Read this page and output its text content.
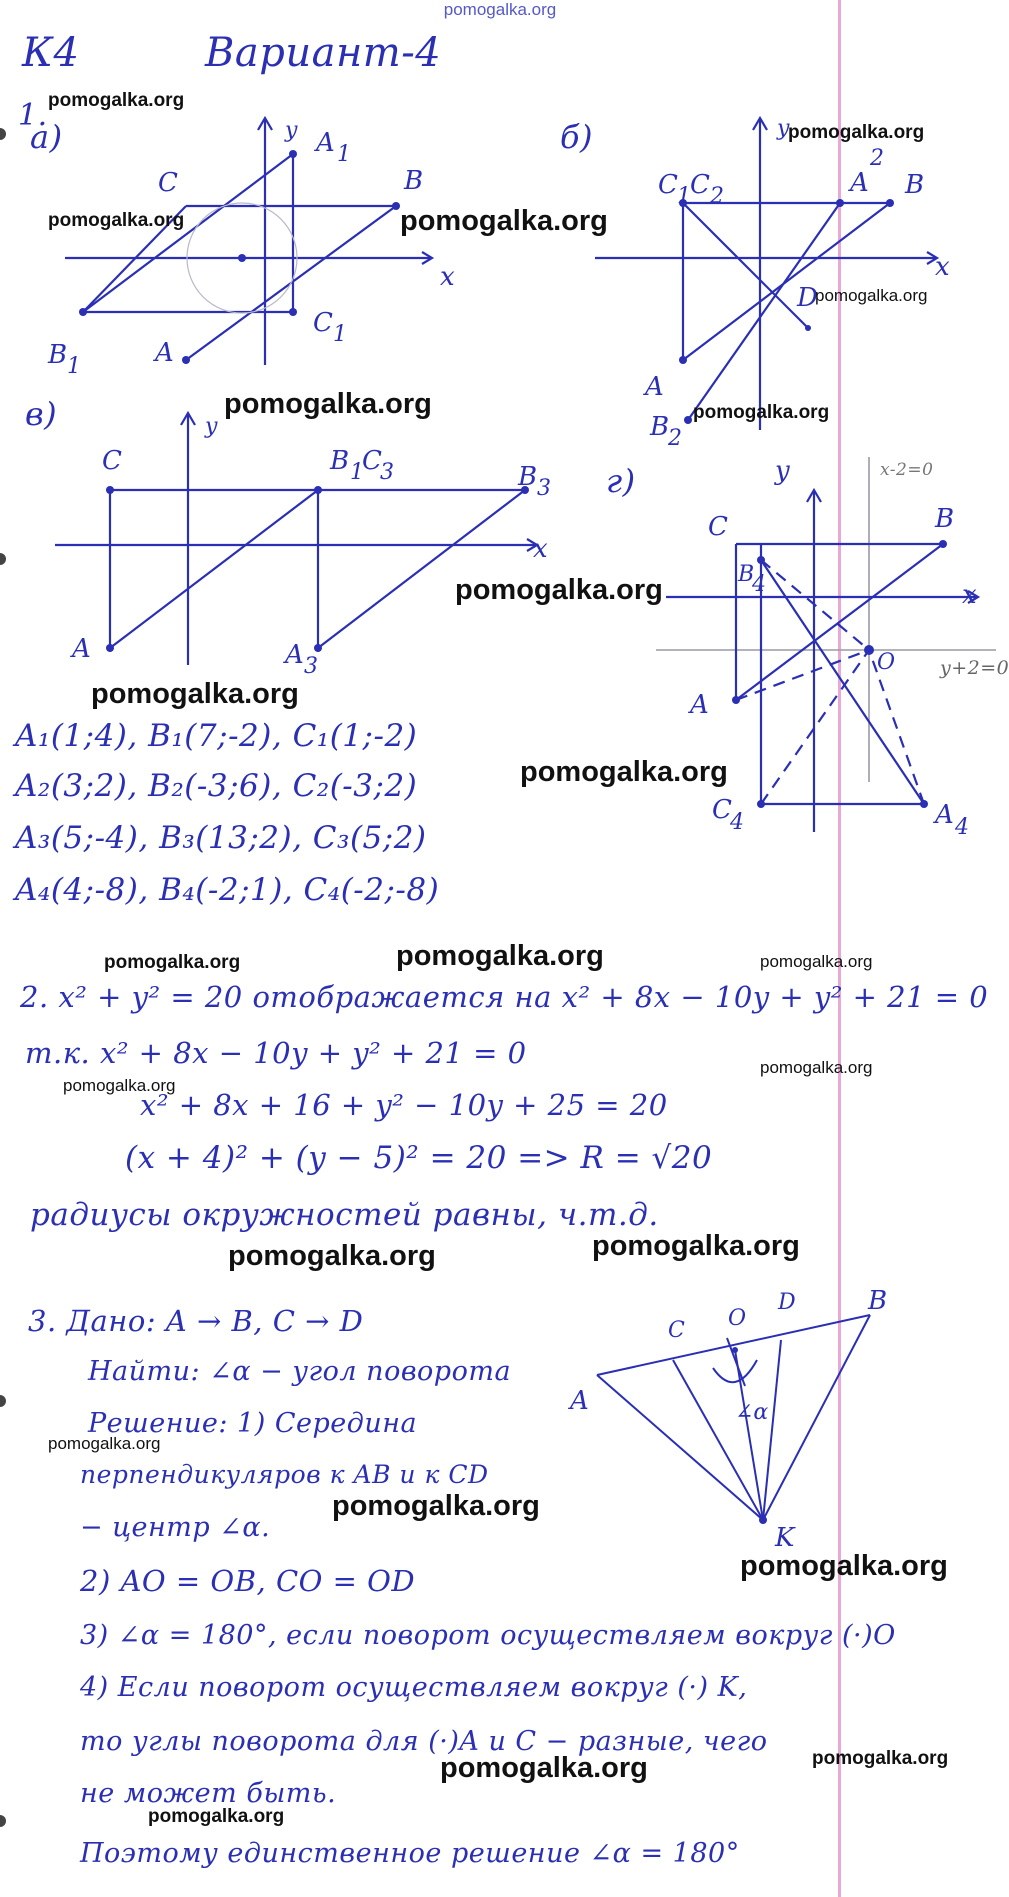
pomogalka.org
К4	Вариант-4
1.
а)	б)
в)
г)
y A 1
C	B
x
B 1	A
C 1
y
C 1 C 2	A
2
B
x
D
A
B
2
y
C	B 1
C
3	B 3
x
A	A 3
y	x-2=0
C	B
B
4	x
O y+2=0
A
C
4	A 4
A₁(1;4), B₁(7;-2), C₁(1;-2)
A₂(3;2), B₂(-3;6), C₂(-3;2)
A₃(5;-4), B₃(13;2), C₃(5;2)
A₄(4;-8), B₄(-2;1), C₄(-2;-8)
2. x² + y² = 20 отображается на x² + 8x − 10y + y² + 21 = 0
т.к. x² + 8x − 10y + y² + 21 = 0
x² + 8x + 16 + y² − 10y + 25 = 20
(x + 4)² + (y − 5)² = 20 => R = √20
радиусы окружностей равны, ч.т.д.
3. Дано: A → B, C → D
Найти: ∠α − угол поворота
Решение: 1) Середина
перпендикуляров к AB и к CD
− центр ∠α.
2) AO = OB, CO = OD
3) ∠α = 180°, если поворот осуществляем вокруг (·)O
4) Если поворот осуществляем вокруг (·) K,
то углы поворота для (·)A и C − разные, чего
не может быть.
Поэтому единственное решение ∠α = 180°
C O
D	B
A	∠α
K
pomogalka.org
pomogalka.org
pomogalka.org	pomogalka.org
pomogalka.org
pomogalka.org	pomogalka.org
pomogalka.org
pomogalka.org
pomogalka.org
pomogalka.org	pomogalka.org	pomogalka.org
pomogalka.org
pomogalka.org
pomogalka.org
pomogalka.org
pomogalka.org
pomogalka.org
pomogalka.org
pomogalka.org	pomogalka.org
pomogalka.org
